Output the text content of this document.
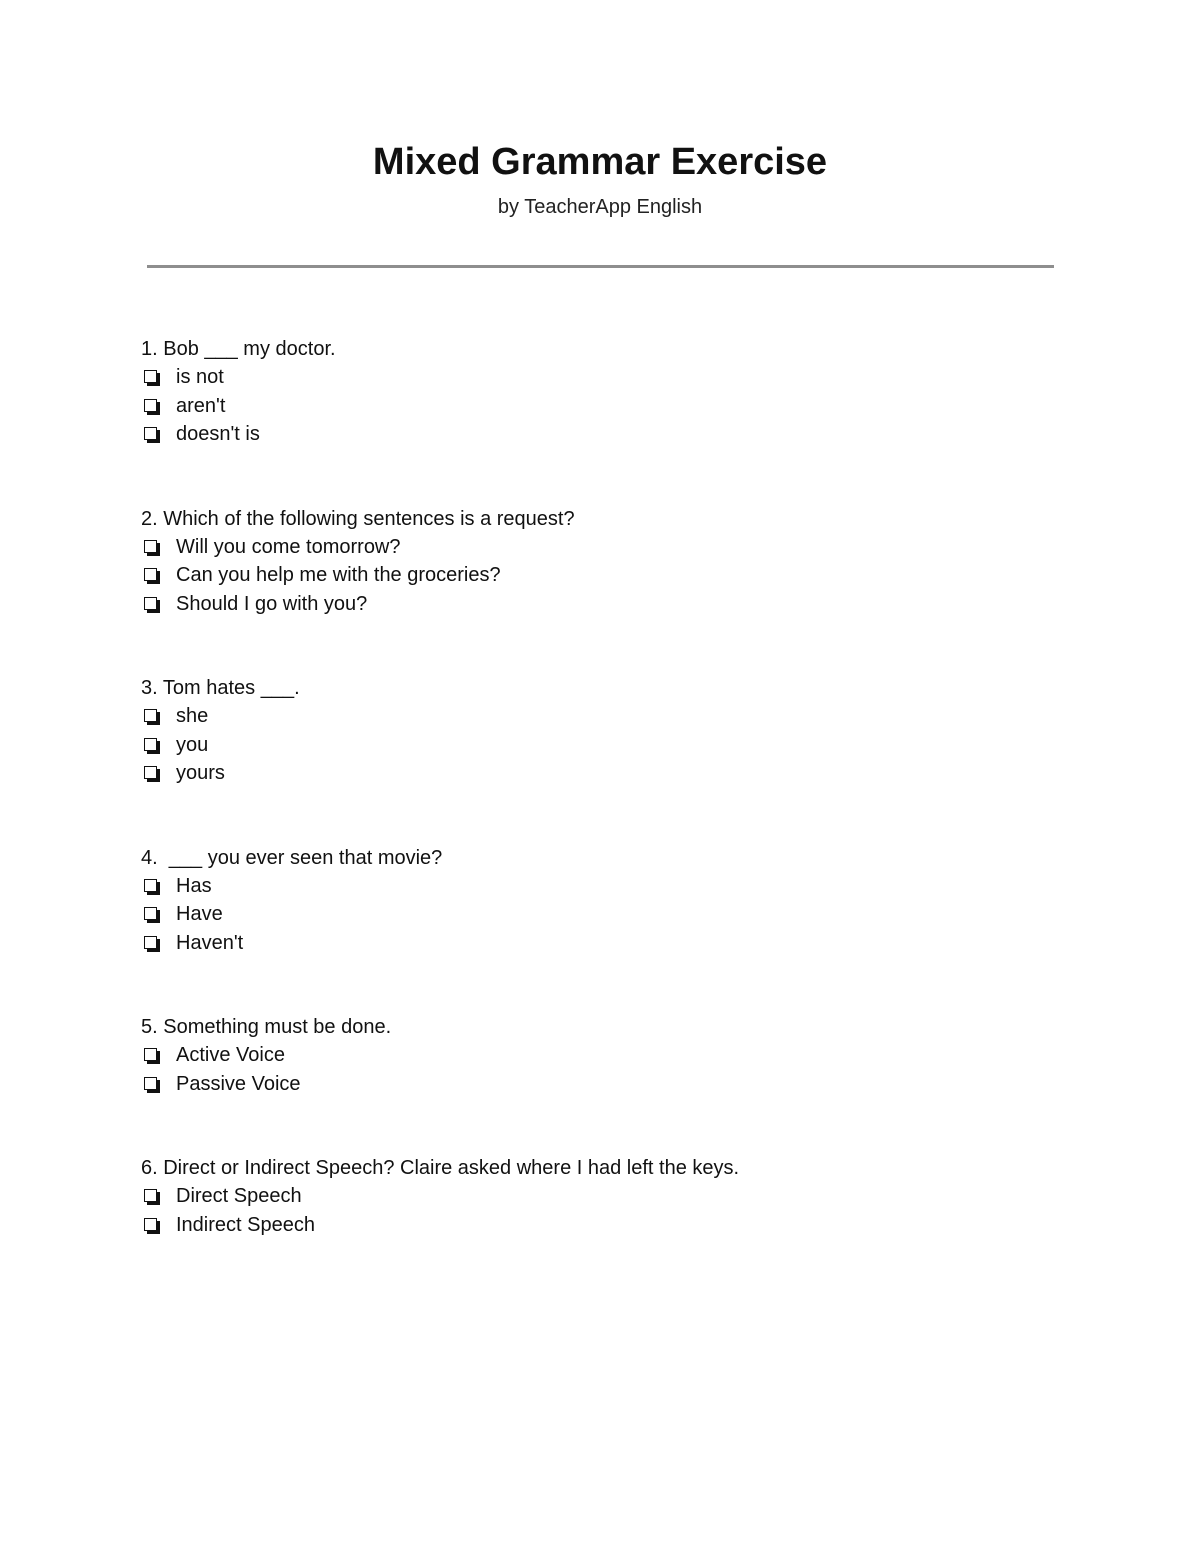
Mixed Grammar Exercise
by TeacherApp English
1. Bob ___ my doctor.
is not
aren't
doesn't is
2. Which of the following sentences is a request?
Will you come tomorrow?
Can you help me with the groceries?
Should I go with you?
3. Tom hates ___.
she
you
yours
4.  ___ you ever seen that movie?
Has
Have
Haven't
5. Something must be done.
Active Voice
Passive Voice
6. Direct or Indirect Speech? Claire asked where I had left the keys.
Direct Speech
Indirect Speech
